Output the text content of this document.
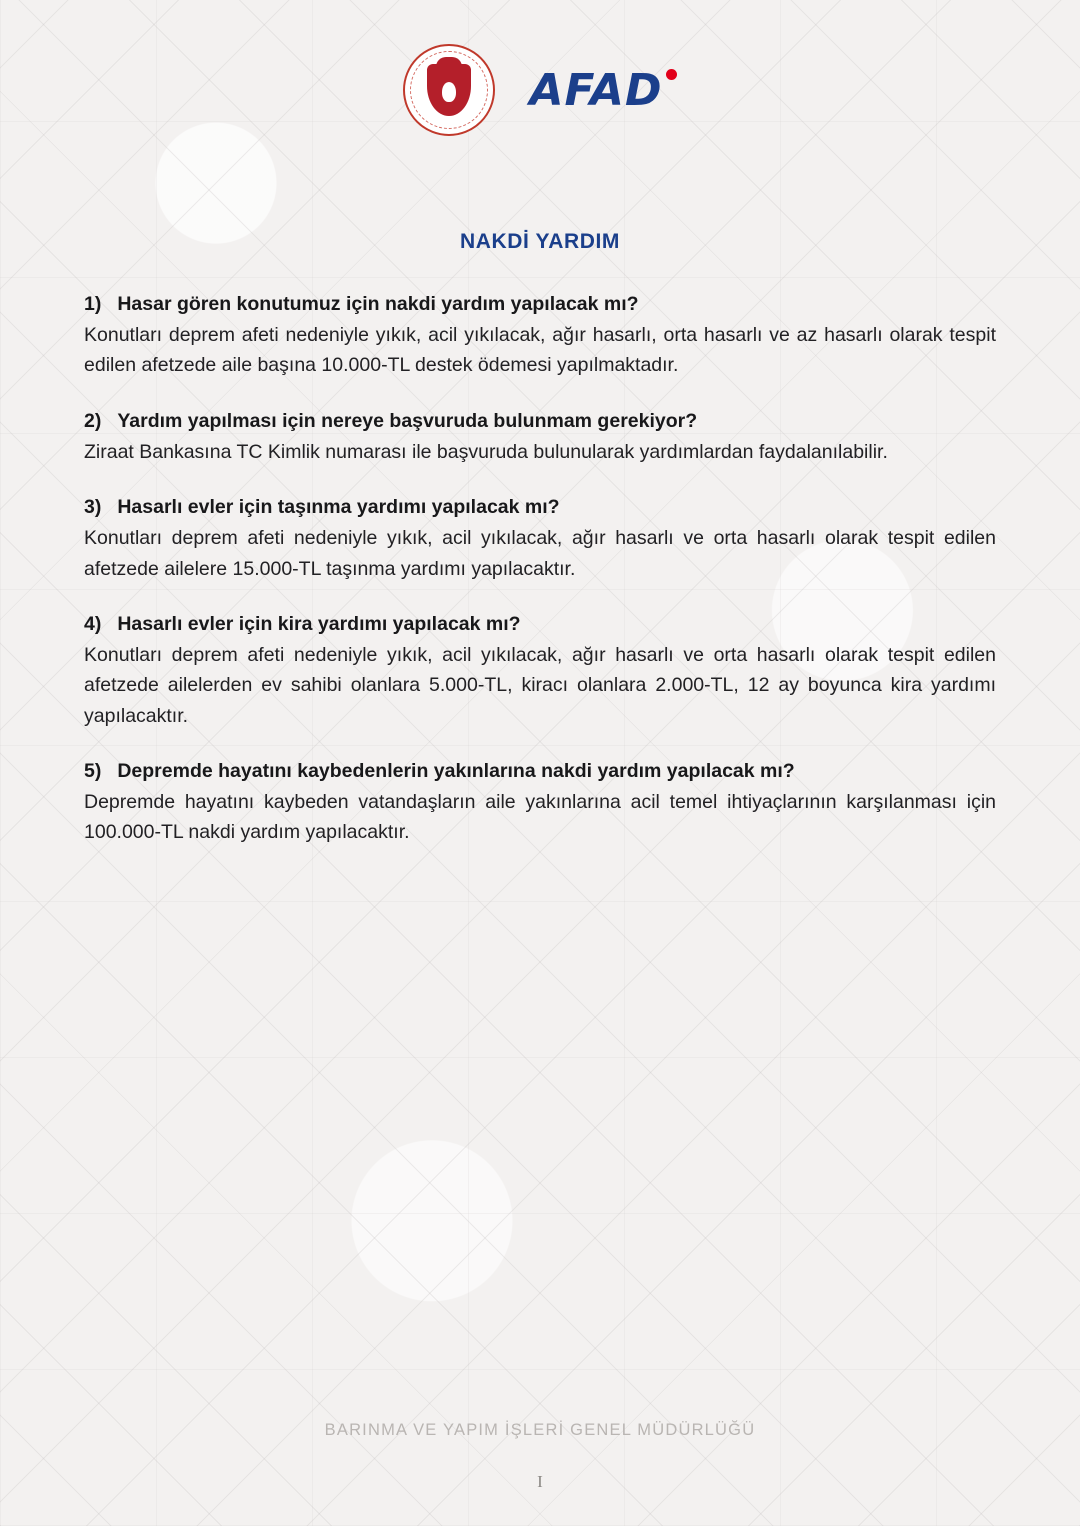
AFAD
NAKDİ YARDIM
1) Hasar gören konutumuz için nakdi yardım yapılacak mı?
Konutları deprem afeti nedeniyle yıkık, acil yıkılacak, ağır hasarlı, orta hasarlı ve az hasarlı olarak tespit edilen afetzede aile başına 10.000-TL destek ödemesi yapılmaktadır.
2) Yardım yapılması için nereye başvuruda bulunmam gerekiyor?
Ziraat Bankasına TC Kimlik numarası ile başvuruda bulunularak yardımlardan faydalanılabilir.
3) Hasarlı evler için taşınma yardımı yapılacak mı?
Konutları deprem afeti nedeniyle yıkık, acil yıkılacak, ağır hasarlı ve orta hasarlı olarak tespit edilen afetzede ailelere 15.000-TL taşınma yardımı yapılacaktır.
4) Hasarlı evler için kira yardımı yapılacak mı?
Konutları deprem afeti nedeniyle yıkık, acil yıkılacak, ağır hasarlı ve orta hasarlı olarak tespit edilen afetzede ailelerden ev sahibi olanlara 5.000-TL, kiracı olanlara 2.000-TL, 12 ay boyunca kira yardımı yapılacaktır.
5) Depremde hayatını kaybedenlerin yakınlarına nakdi yardım yapılacak mı?
Depremde hayatını kaybeden vatandaşların aile yakınlarına acil temel ihtiyaçlarının karşılanması için 100.000-TL nakdi yardım yapılacaktır.
BARINMA VE YAPIM İŞLERİ GENEL MÜDÜRLÜĞÜ
I
